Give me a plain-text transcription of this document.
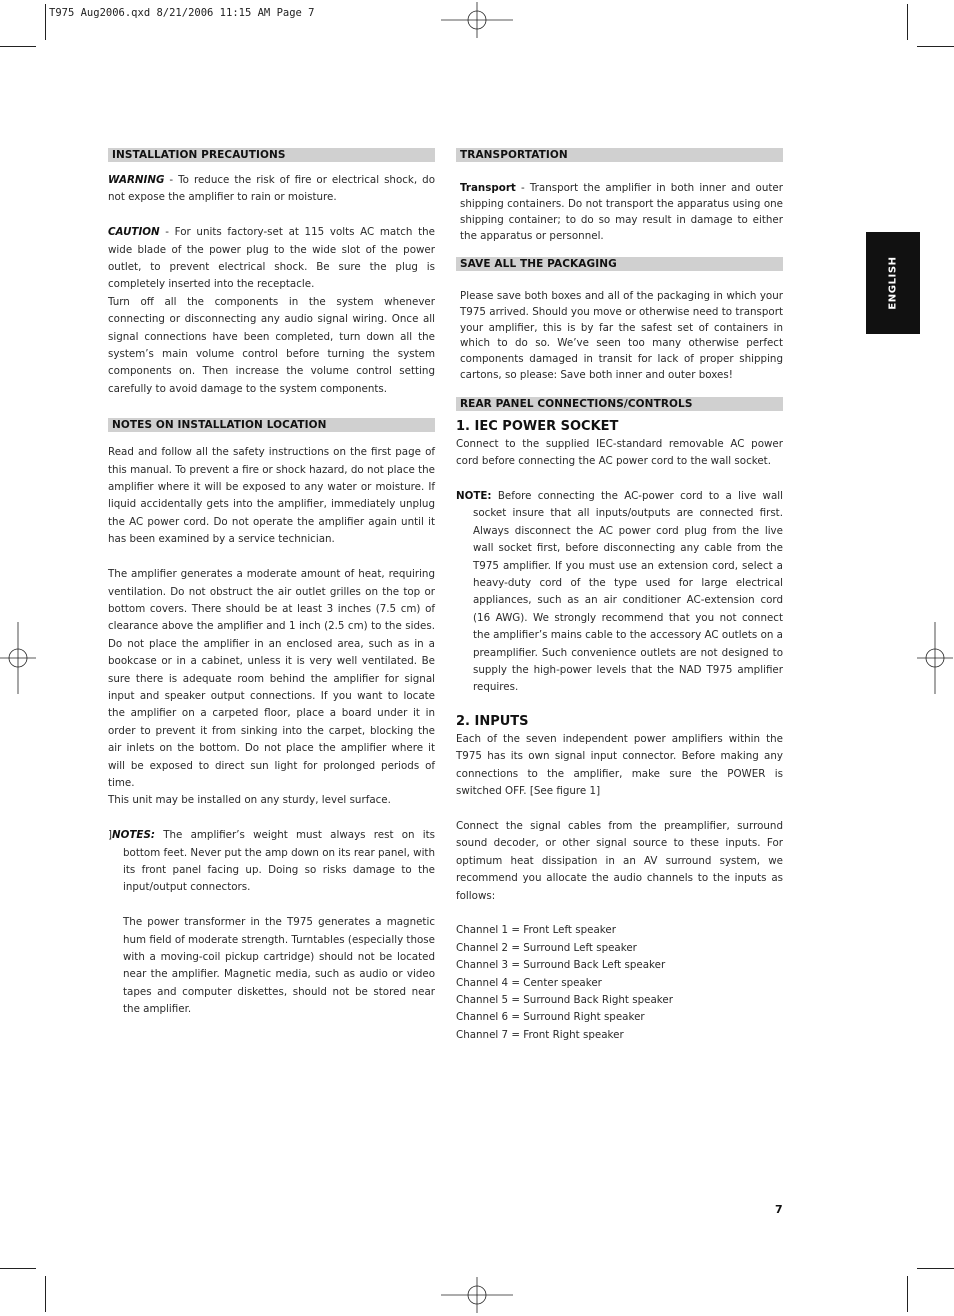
T975 Aug2006.qxd 8/21/2006 11:15 AM Page 7
ENGLISH
INSTALLATION PRECAUTIONS

WARNING - To reduce the risk of fire or electrical shock, do not expose the amplifier to rain or moisture.

CAUTION - For units factory-set at 115 volts AC match the wide blade of the power plug to the wide slot of the power outlet, to prevent electrical shock. Be sure the plug is completely inserted into the receptacle.

Turn off all the components in the system whenever connecting or disconnecting any audio signal wiring. Once all signal connections have been completed, turn down all the system’s main volume control before turning the system components on. Then increase the volume control setting carefully to avoid damage to the system components.

NOTES ON INSTALLATION LOCATION

Read and follow all the safety instructions on the first page of this manual. To prevent a fire or shock hazard, do not place the amplifier where it will be exposed to any water or moisture. If liquid accidentally gets into the amplifier, immediately unplug the AC power cord. Do not operate the amplifier again until it has been examined by a service technician.

The amplifier generates a moderate amount of heat, requiring ventilation. Do not obstruct the air outlet grilles on the top or bottom covers. There should be at least 3 inches (7.5 cm) of clearance above the amplifier and 1 inch (2.5 cm) to the sides. Do not place the amplifier in an enclosed area, such as in a bookcase or in a cabinet, unless it is very well ventilated. Be sure there is adequate room behind the amplifier for signal input and speaker output connections. If you want to locate the amplifier on a carpeted floor, place a board under it in order to prevent it from sinking into the carpet, blocking the air inlets on the bottom. Do not place the amplifier where it will be exposed to direct sun light for prolonged periods of time.

This unit may be installed on any sturdy, level surface.

]NOTES: The amplifier’s weight must always rest on its bottom feet. Never put the amp down on its rear panel, with its front panel facing up. Doing so risks damage to the input/output connectors.

The power transformer in the T975 generates a magnetic hum field of moderate strength. Turntables (especially those with a moving-coil pickup cartridge) should not be located near the amplifier. Magnetic media, such as audio or video tapes and computer diskettes, should not be stored near the amplifier.

TRANSPORTATION

Transport - Transport the amplifier in both inner and outer shipping containers. Do not transport the apparatus using one shipping container; to do so may result in damage to either the apparatus or personnel.

SAVE ALL THE PACKAGING

Please save both boxes and all of the packaging in which your T975 arrived. Should you move or otherwise need to transport your amplifier, this is by far the safest set of containers in which to do so. We’ve seen too many otherwise perfect components damaged in transit for lack of proper shipping cartons, so please: Save both inner and outer boxes!

REAR PANEL CONNECTIONS/CONTROLS
1. IEC POWER SOCKET

Connect to the supplied IEC-standard removable AC power cord before connecting the AC power cord to the wall socket.

NOTE: Before connecting the AC-power cord to a live wall socket insure that all inputs/outputs are connected first. Always disconnect the AC power cord plug from the live wall socket first, before disconnecting any cable from the T975 amplifier. If you must use an extension cord, select a heavy-duty cord of the type used for large electrical appliances, such as an air conditioner AC-extension cord (16 AWG). We strongly recommend that you not connect the amplifier’s mains cable to the accessory AC outlets on a preamplifier. Such convenience outlets are not designed to supply the high-power levels that the NAD T975 amplifier requires.

2. INPUTS

Each of the seven independent power amplifiers within the T975 has its own signal input connector. Before making any connections to the amplifier, make sure the POWER is switched OFF. [See figure 1]

Connect the signal cables from the preamplifier, surround sound decoder, or other signal source to these inputs. For optimum heat dissipation in an AV surround system, we recommend you allocate the audio channels to the inputs as follows:

Channel 1 = Front Left speaker

Channel 2 = Surround Left speaker

Channel 3 = Surround Back Left speaker

Channel 4 = Center speaker

Channel 5 = Surround Back Right speaker

Channel 6 = Surround Right speaker

Channel 7 = Front Right speaker

7
